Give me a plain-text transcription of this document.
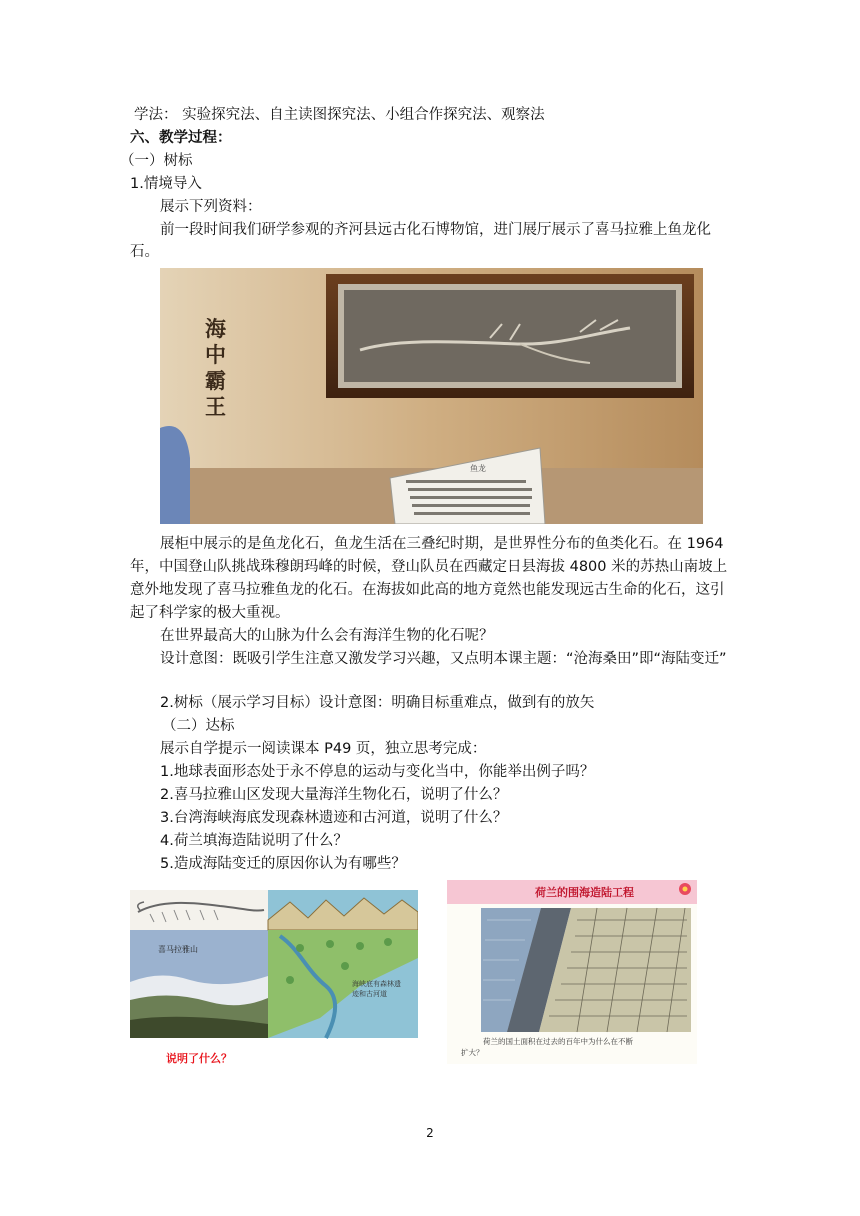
学法： 实验探究法、自主读图探究法、小组合作探究法、观察法
六、教学过程：
（一）树标
1.情境导入
展示下列资料：
前一段时间我们研学参观的齐河县远古化石博物馆，进门展厅展示了喜马拉雅上鱼龙化石。
鱼龙
海 中 霸 王
展柜中展示的是鱼龙化石，鱼龙生活在三叠纪时期，是世界性分布的鱼类化石。在 1964 年，中国登山队挑战珠穆朗玛峰的时候，登山队员在西藏定日县海拔 4800 米的苏热山南坡上意外地发现了喜马拉雅鱼龙的化石。在海拔如此高的地方竟然也能发现远古生命的化石，这引起了科学家的极大重视。
在世界最高大的山脉为什么会有海洋生物的化石呢？
设计意图：既吸引学生注意又激发学习兴趣，又点明本课主题：“沧海桑田”即“海陆变迁”
2.树标（展示学习目标）设计意图：明确目标重难点，做到有的放矢
（二）达标
展示自学提示一阅读课本 P49 页，独立思考完成：
1.地球表面形态处于永不停息的运动与变化当中，你能举出例子吗？
2.喜马拉雅山区发现大量海洋生物化石，说明了什么？
3.台湾海峡海底发现森林遗迹和古河道，说明了什么？
4.荷兰填海造陆说明了什么？
5.造成海陆变迁的原因你认为有哪些？
喜马拉雅山
海峡底有森林遗 迹和古河道
说明了什么？
荷兰的围海造陆工程
荷兰的国土面积在过去的百年中为什么在不断 扩大？
2
